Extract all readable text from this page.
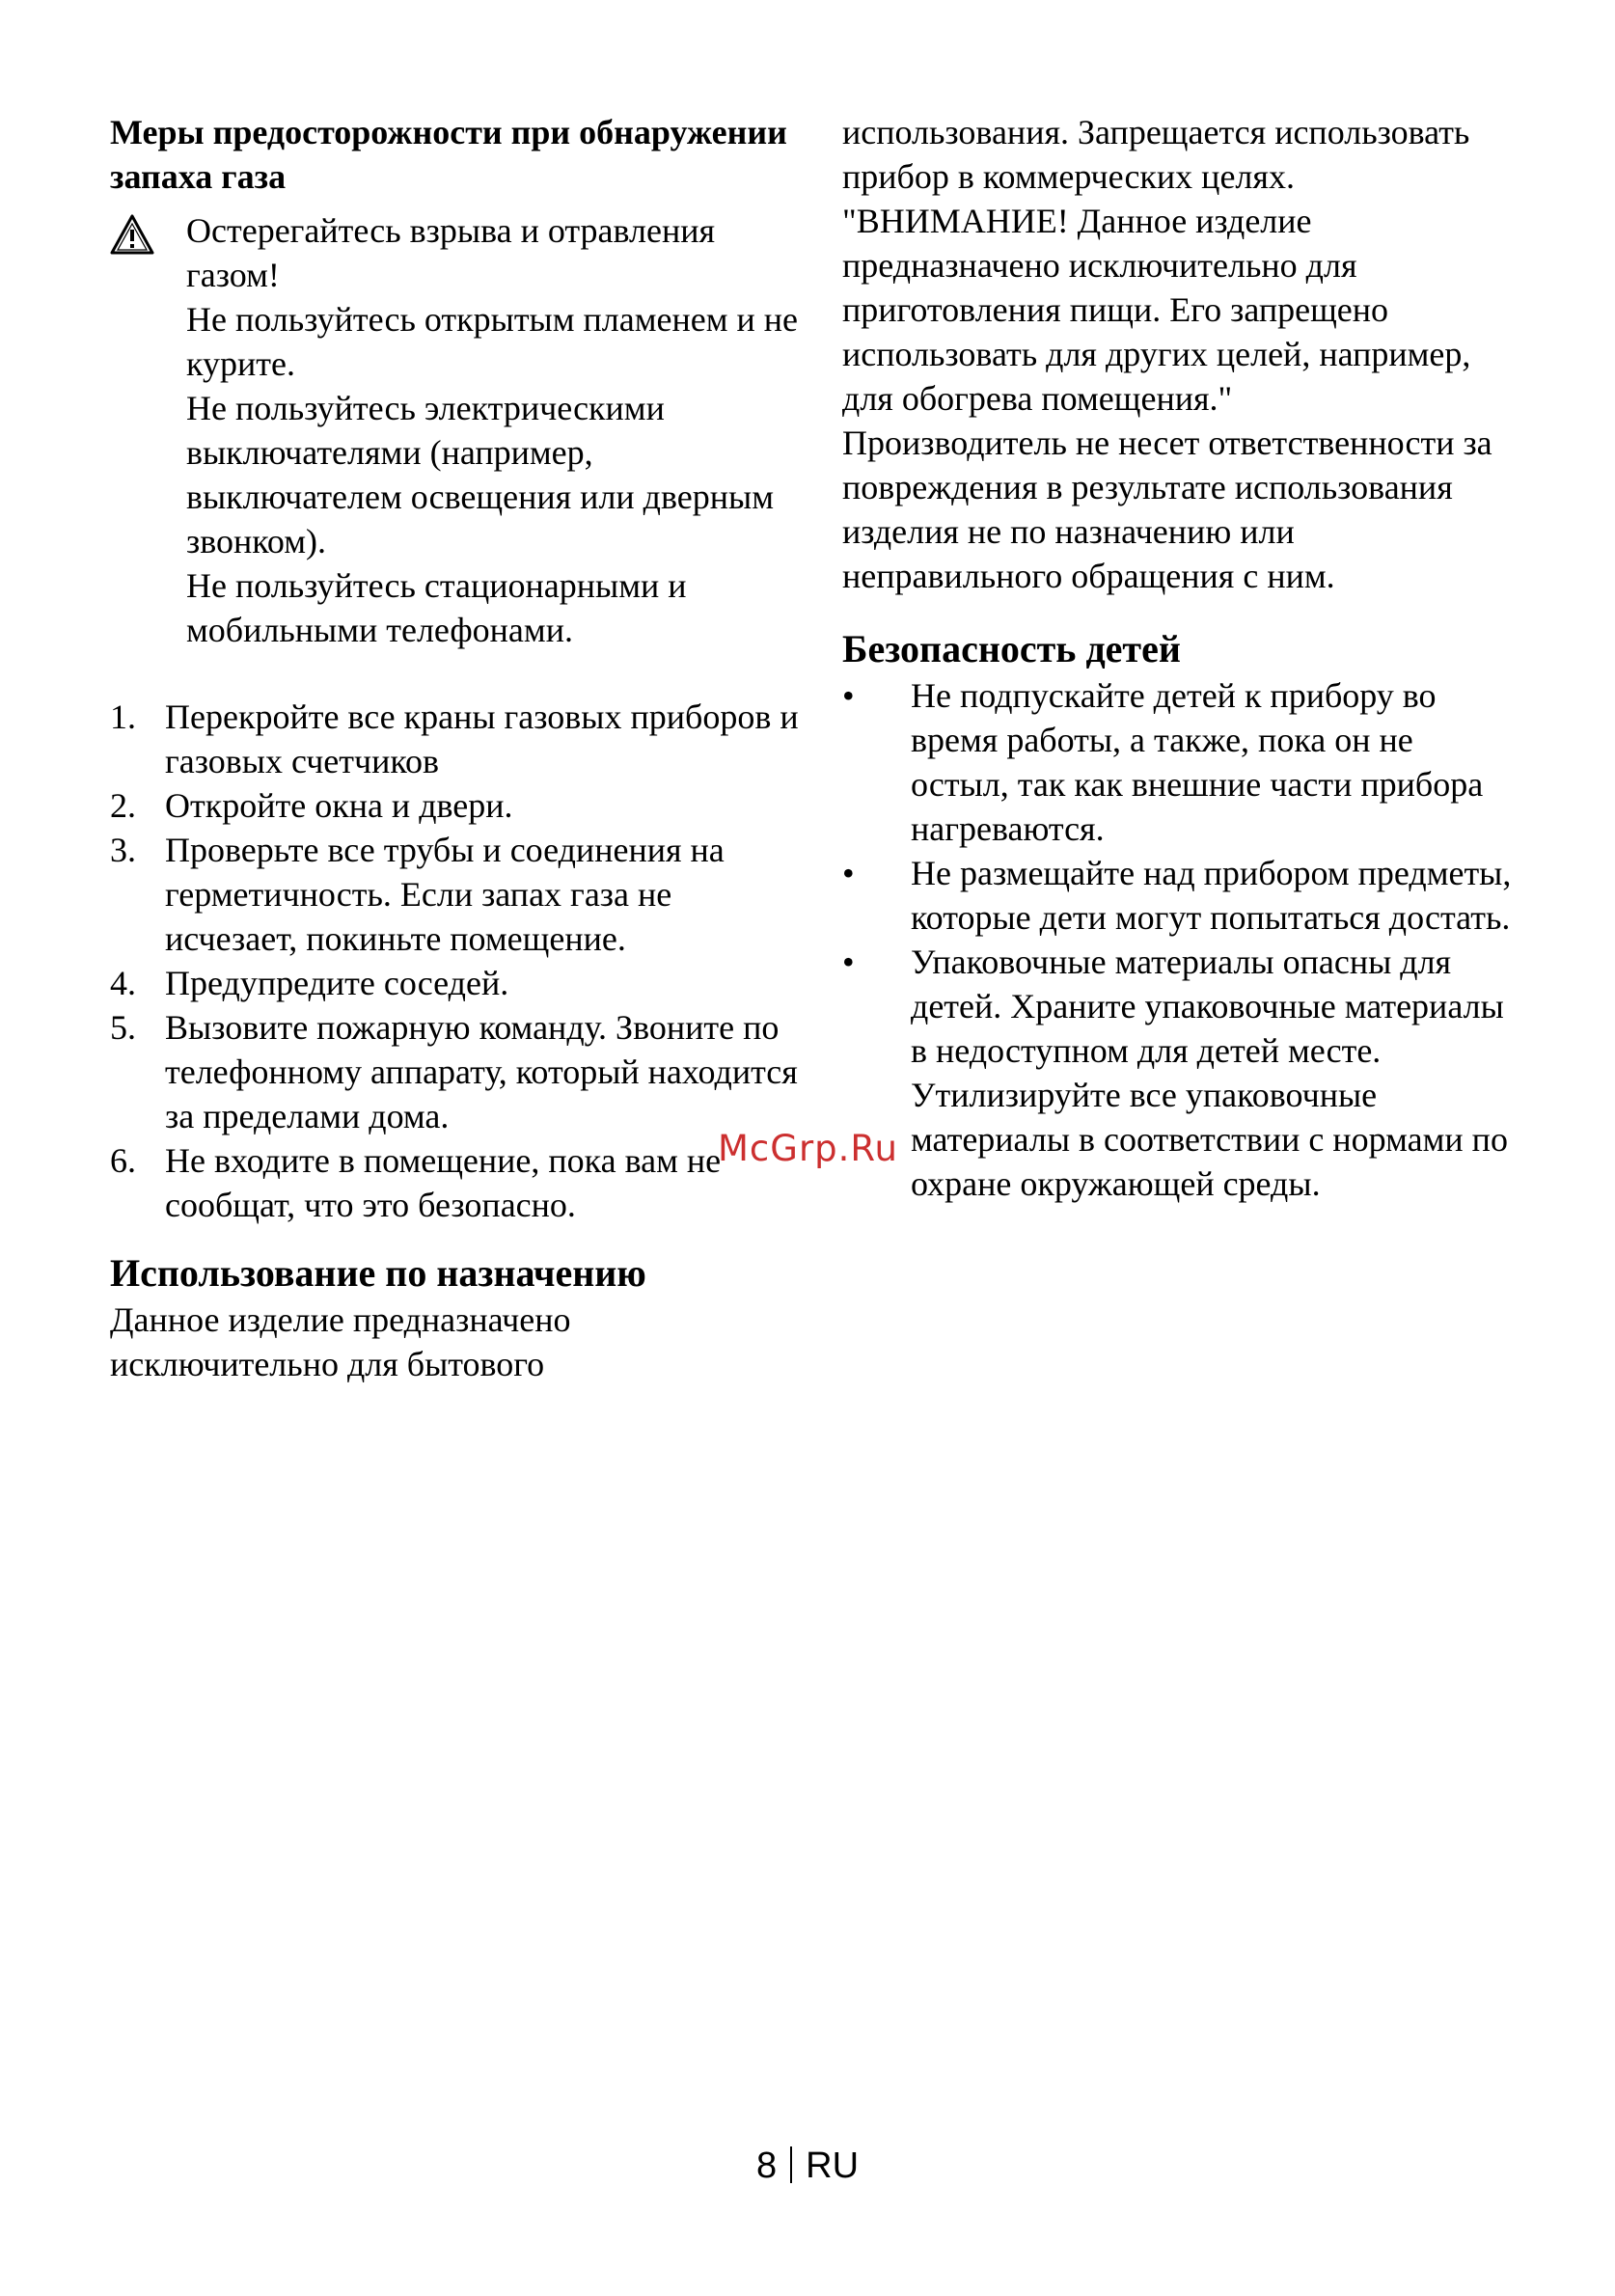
Меры предосторожности при обнаружении запаха газа

Остерегайтесь взрыва и отравления газом!

Не пользуйтесь открытым пламенем и не курите.

Не пользуйтесь электрическими выключателями (например, выключателем освещения или дверным звонком).

Не пользуйтесь стационарными и мобильными телефонами.

1. Перекройте все краны газовых приборов и газовых счетчиков
2. Откройте окна и двери.
3. Проверьте все трубы и соединения на герметичность. Если запах газа не исчезает, покиньте помещение.
4. Предупредите соседей.
5. Вызовите пожарную команду. Звоните по телефонному аппарату, который находится за пределами дома.
6. Не входите в помещение, пока вам не сообщат, что это безопасно.
Использование по назначению

Данное изделие предназначено исключительно для бытового

использования. Запрещается использовать прибор в коммерческих целях.

"ВНИМАНИЕ! Данное изделие предназначено исключительно для приготовления пищи. Его запрещено использовать для других целей, например, для обогрева помещения."

Производитель не несет ответственности за повреждения в результате использования изделия не по назначению или неправильного обращения с ним.

Безопасность детей
• Не подпускайте детей к прибору во время работы, а также, пока он не остыл, так как внешние части прибора нагреваются.
• Не размещайте над прибором предметы, которые дети могут попытаться достать.
• Упаковочные материалы опасны для детей. Храните упаковочные материалы в недоступном для детей месте. Утилизируйте все упаковочные материалы в соответствии с нормами по охране окружающей среды.
McGrp.Ru
8 RU
